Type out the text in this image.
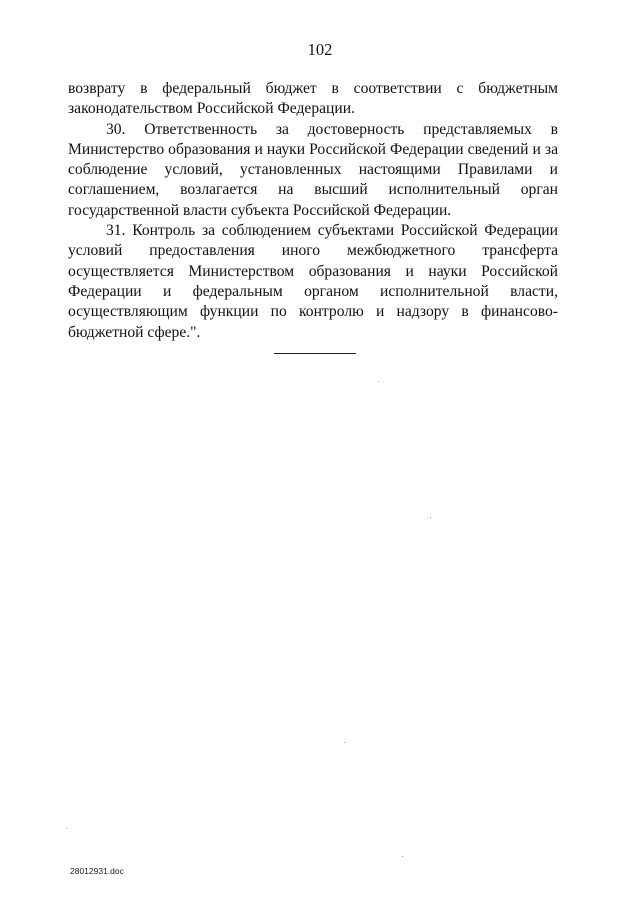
102

возврату в федеральный бюджет в соответствии с бюджетным законодательством Российской Федерации.

30. Ответственность за достоверность представляемых в Министерство образования и науки Российской Федерации сведений и за соблюдение условий, установленных настоящими Правилами и соглашением, возлагается на высший исполнительный орган государственной власти субъекта Российской Федерации.

31. Контроль за соблюдением субъектами Российской Федерации условий предоставления иного межбюджетного трансферта осуществляется Министерством образования и науки Российской Федерации и федеральным органом исполнительной власти, осуществляющим функции по контролю и надзору в финансово-бюджетной сфере.".

28012931.doc
